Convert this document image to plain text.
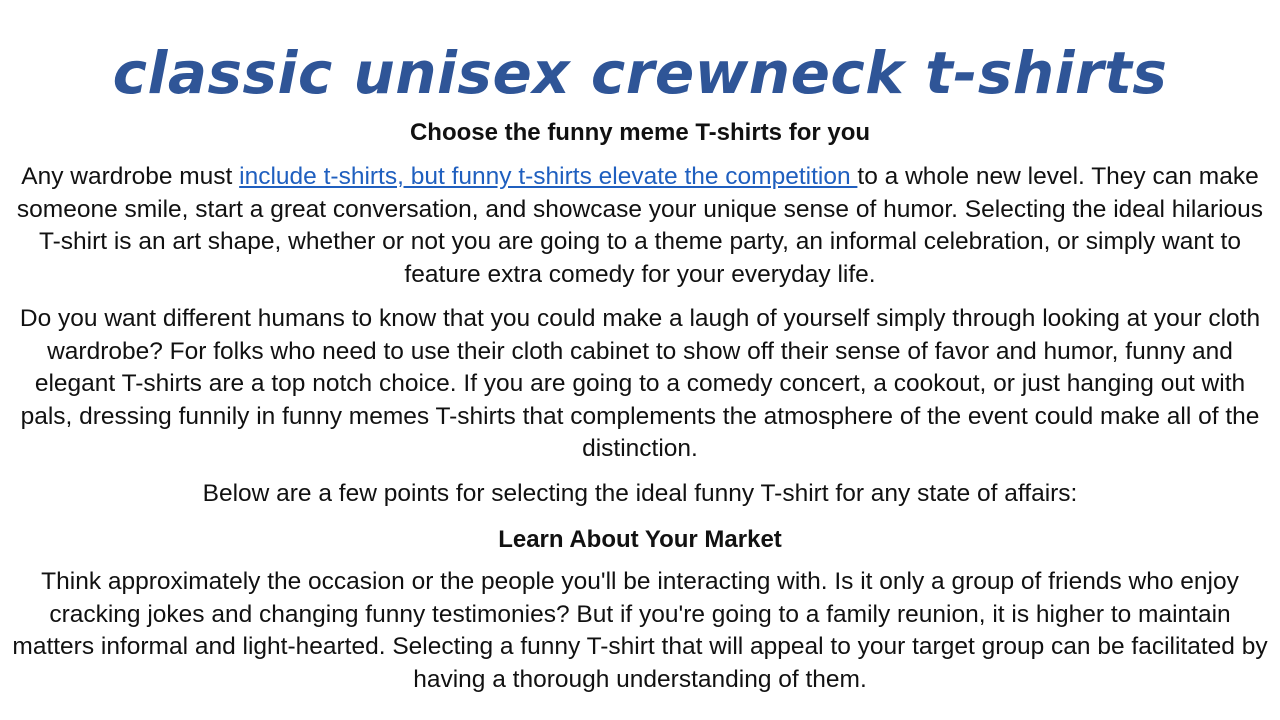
classic unisex crewneck t-shirts
Choose the funny meme T-shirts for you

Any wardrobe must include t-shirts, but funny t-shirts elevate the competition to a whole new level. They can make someone smile, start a great conversation, and showcase your unique sense of humor. Selecting the ideal hilarious T-shirt is an art shape, whether or not you are going to a theme party, an informal celebration, or simply want to feature extra comedy for your everyday life.

Do you want different humans to know that you could make a laugh of yourself simply through looking at your cloth wardrobe? For folks who need to use their cloth cabinet to show off their sense of favor and humor, funny and elegant T-shirts are a top notch choice. If you are going to a comedy concert, a cookout, or just hanging out with pals, dressing funnily in funny memes T-shirts that complements the atmosphere of the event could make all of the distinction.

Below are a few points for selecting the ideal funny T-shirt for any state of affairs:

Learn About Your Market

Think approximately the occasion or the people you'll be interacting with. Is it only a group of friends who enjoy cracking jokes and changing funny testimonies? But if you're going to a family reunion, it is higher to maintain matters informal and light-hearted. Selecting a funny T-shirt that will appeal to your target group can be facilitated by having a thorough understanding of them.
